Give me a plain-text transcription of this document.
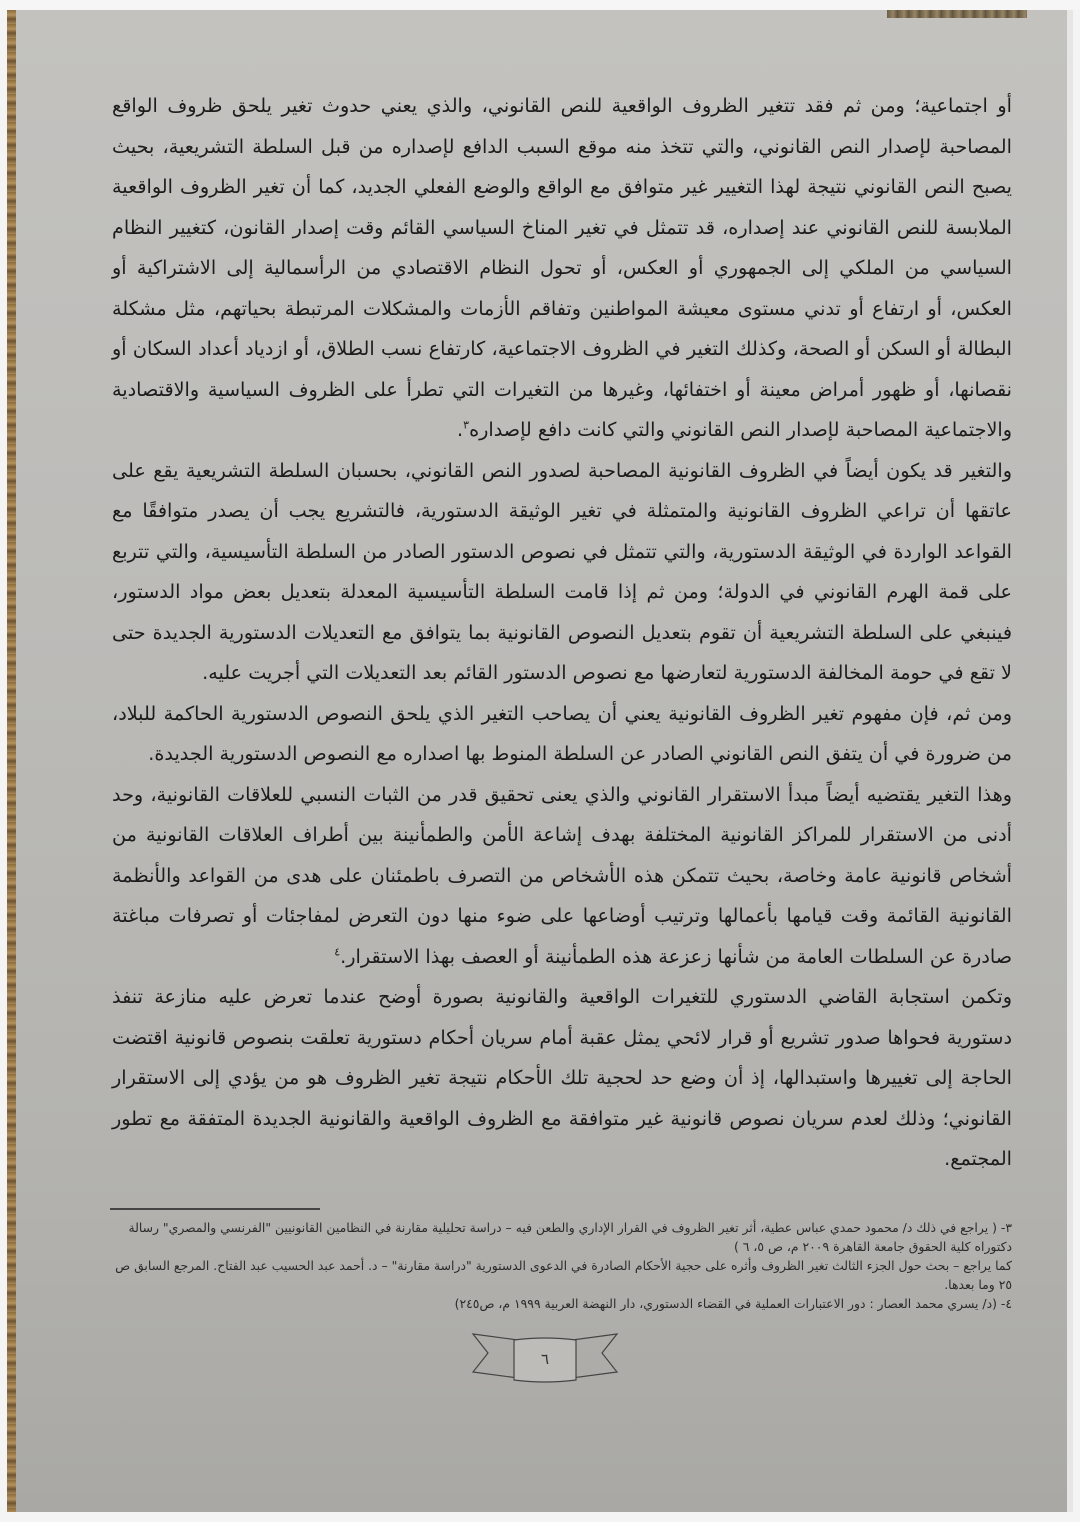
أو اجتماعية؛ ومن ثم فقد تتغير الظروف الواقعية للنص القانوني، والذي يعني حدوث تغير يلحق ظروف الواقع المصاحبة لإصدار النص القانوني، والتي تتخذ منه موقع السبب الدافع لإصداره من قبل السلطة التشريعية، بحيث يصبح النص القانوني نتيجة لهذا التغيير غير متوافق مع الواقع والوضع الفعلي الجديد، كما أن تغير الظروف الواقعية الملابسة للنص القانوني عند إصداره، قد تتمثل في تغير المناخ السياسي القائم وقت إصدار القانون، كتغيير النظام السياسي من الملكي إلى الجمهوري أو العكس، أو تحول النظام الاقتصادي من الرأسمالية إلى الاشتراكية أو العكس، أو ارتفاع أو تدني مستوى معيشة المواطنين وتفاقم الأزمات والمشكلات المرتبطة بحياتهم، مثل مشكلة البطالة أو السكن أو الصحة، وكذلك التغير في الظروف الاجتماعية، كارتفاع نسب الطلاق، أو ازدياد أعداد السكان أو نقصانها، أو ظهور أمراض معينة أو اختفائها، وغيرها من التغيرات التي تطرأ على الظروف السياسية والاقتصادية والاجتماعية المصاحبة لإصدار النص القانوني والتي كانت دافع لإصداره$^٣$.

والتغير قد يكون أيضاً في الظروف القانونية المصاحبة لصدور النص القانوني، بحسبان السلطة التشريعية يقع على عاتقها أن تراعي الظروف القانونية والمتمثلة في تغير الوثيقة الدستورية، فالتشريع يجب أن يصدر متوافقًا مع القواعد الواردة في الوثيقة الدستورية، والتي تتمثل في نصوص الدستور الصادر من السلطة التأسيسية، والتي تتربع على قمة الهرم القانوني في الدولة؛ ومن ثم إذا قامت السلطة التأسيسية المعدلة بتعديل بعض مواد الدستور، فينبغي على السلطة التشريعية أن تقوم بتعديل النصوص القانونية بما يتوافق مع التعديلات الدستورية الجديدة حتى لا تقع في حومة المخالفة الدستورية لتعارضها مع نصوص الدستور القائم بعد التعديلات التي أجريت عليه.

ومن ثم، فإن مفهوم تغير الظروف القانونية يعني أن يصاحب التغير الذي يلحق النصوص الدستورية الحاكمة للبلاد، من ضرورة في أن يتفق النص القانوني الصادر عن السلطة المنوط بها اصداره مع النصوص الدستورية الجديدة.

وهذا التغير يقتضيه أيضاً مبدأ الاستقرار القانوني والذي يعنى تحقيق قدر من الثبات النسبي للعلاقات القانونية، وحد أدنى من الاستقرار للمراكز القانونية المختلفة بهدف إشاعة الأمن والطمأنينة بين أطراف العلاقات القانونية من أشخاص قانونية عامة وخاصة، بحيث تتمكن هذه الأشخاص من التصرف باطمئنان على هدى من القواعد والأنظمة القانونية القائمة وقت قيامها بأعمالها وترتيب أوضاعها على ضوء منها دون التعرض لمفاجئات أو تصرفات مباغتة صادرة عن السلطات العامة من شأنها زعزعة هذه الطمأنينة أو العصف بهذا الاستقرار.$^٤$

وتكمن استجابة القاضي الدستوري للتغيرات الواقعية والقانونية بصورة أوضح عندما تعرض عليه منازعة تنفذ دستورية فحواها صدور تشريع أو قرار لائحي يمثل عقبة أمام سريان أحكام دستورية تعلقت بنصوص قانونية اقتضت الحاجة إلى تغييرها واستبدالها، إذ أن وضع حد لحجية تلك الأحكام نتيجة تغير الظروف هو من يؤدي إلى الاستقرار القانوني؛ وذلك لعدم سريان نصوص قانونية غير متوافقة مع الظروف الواقعية والقانونية الجديدة المتفقة مع تطور المجتمع.

٣- ( يراجع في ذلك د/ محمود حمدي عباس عطية، أثر تغير الظروف في القرار الإداري والطعن فيه – دراسة تحليلية مقارنة في النظامين القانونيين "الفرنسي والمصري" رسالة دكتوراه كلية الحقوق جامعة القاهرة ٢٠٠٩ م، ص ٥، ٦ )

كما يراجع – بحث حول الجزء الثالث تغير الظروف وأثره على حجية الأحكام الصادرة في الدعوى الدستورية "دراسة مقارنة" – د. أحمد عبد الحسيب عبد الفتاح. المرجع السابق ص ٢٥ وما بعدها.

٤- (د/ يسري محمد العصار : دور الاعتبارات العملية في القضاء الدستوري، دار النهضة العربية ١٩٩٩ م، ص٢٤٥)

٦
